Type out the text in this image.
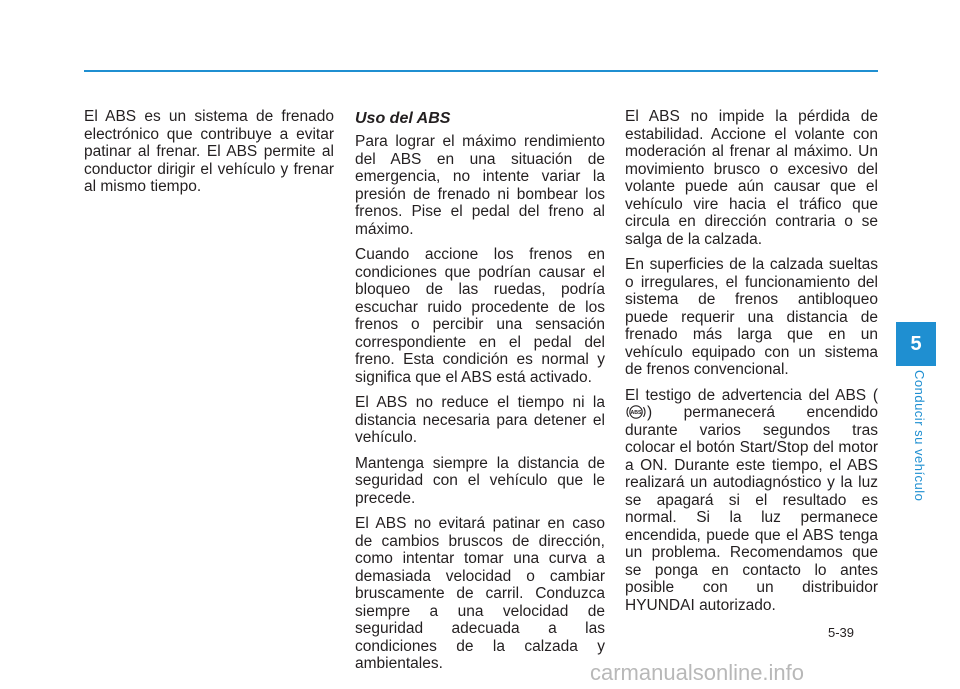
El ABS es un sistema de frenado electrónico que contribuye a evitar patinar al frenar. El ABS permite al conductor dirigir el vehículo y frenar al mismo tiempo.

Uso del ABS

Para lograr el máximo rendimiento del ABS en una situación de emergencia, no intente variar la presión de frenado ni bombear los frenos. Pise el pedal del freno al máximo.

Cuando accione los frenos en condiciones que podrían causar el bloqueo de las ruedas, podría escuchar ruido procedente de los frenos o percibir una sensación correspondiente en el pedal del freno. Esta condición es normal y significa que el ABS está activado.

El ABS no reduce el tiempo ni la distancia necesaria para detener el vehículo.

Mantenga siempre la distancia de seguridad con el vehículo que le precede.

El ABS no evitará patinar en caso de cambios bruscos de dirección, como intentar tomar una curva a demasiada velocidad o cambiar bruscamente de carril. Conduzca siempre a una velocidad de seguridad adecuada a las condiciones de la calzada y ambientales.

El ABS no impide la pérdida de estabilidad. Accione el volante con moderación al frenar al máximo. Un movimiento brusco o excesivo del volante puede aún causar que el vehículo vire hacia el tráfico que circula en dirección contraria o se salga de la calzada.

En superficies de la calzada sueltas o irregulares, el funcionamiento del sistema de frenos antibloqueo puede requerir una distancia de frenado más larga que en un vehículo equipado con un sistema de frenos convencional.

El testigo de advertencia del ABS (
ABS ) permanecerá encendido durante varios segundos tras colocar el botón Start/Stop del motor a ON. Durante este tiempo, el ABS realizará un autodiagnóstico y la luz se apagará si el resultado es normal. Si la luz permanece encendida, puede que el ABS tenga un problema. Recomendamos que se ponga en contacto lo antes posible con un distribuidor HYUNDAI autorizado.

5
Conducir su vehículo
5-39
carmanualsonline.info
